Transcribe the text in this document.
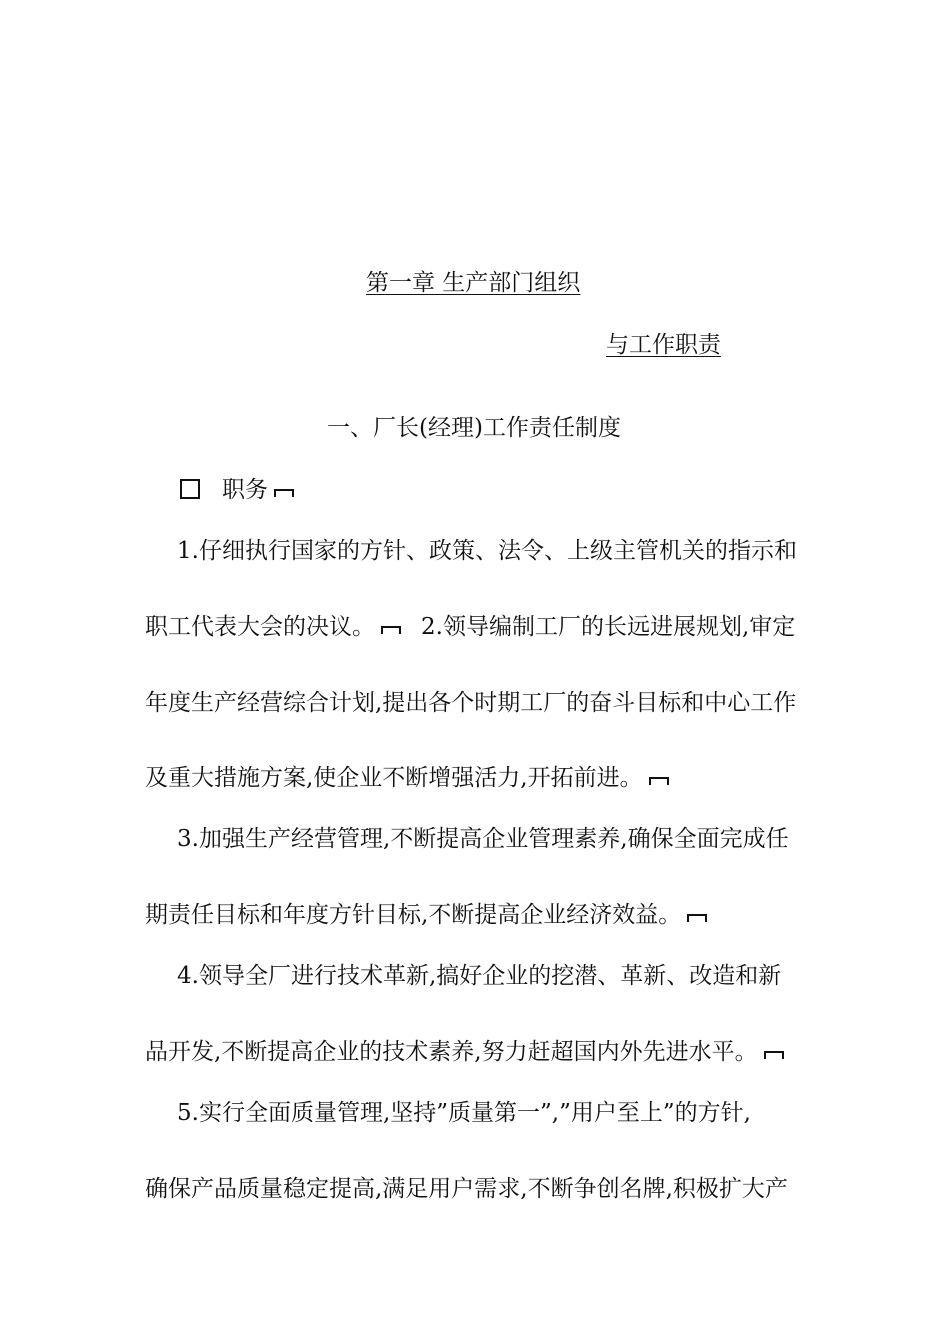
第一章 生产部门组织
与工作职责
一、厂长(经理)工作责任制度
职务
1.仔细执行国家的方针、政策、法令、上级主管机关的指示和
职工代表大会的决议。 2.领导编制工厂的长远进展规划,审定
年度生产经营综合计划,提出各个时期工厂的奋斗目标和中心工作
及重大措施方案,使企业不断增强活力,开拓前进。
3.加强生产经营管理,不断提高企业管理素养,确保全面完成任
期责任目标和年度方针目标,不断提高企业经济效益。
4.领导全厂进行技术革新,搞好企业的挖潜、革新、改造和新
品开发,不断提高企业的技术素养,努力赶超国内外先进水平。
5.实行全面质量管理,坚持”质量第一”,”用户至上”的方针,
确保产品质量稳定提高,满足用户需求,不断争创名牌,积极扩大产
